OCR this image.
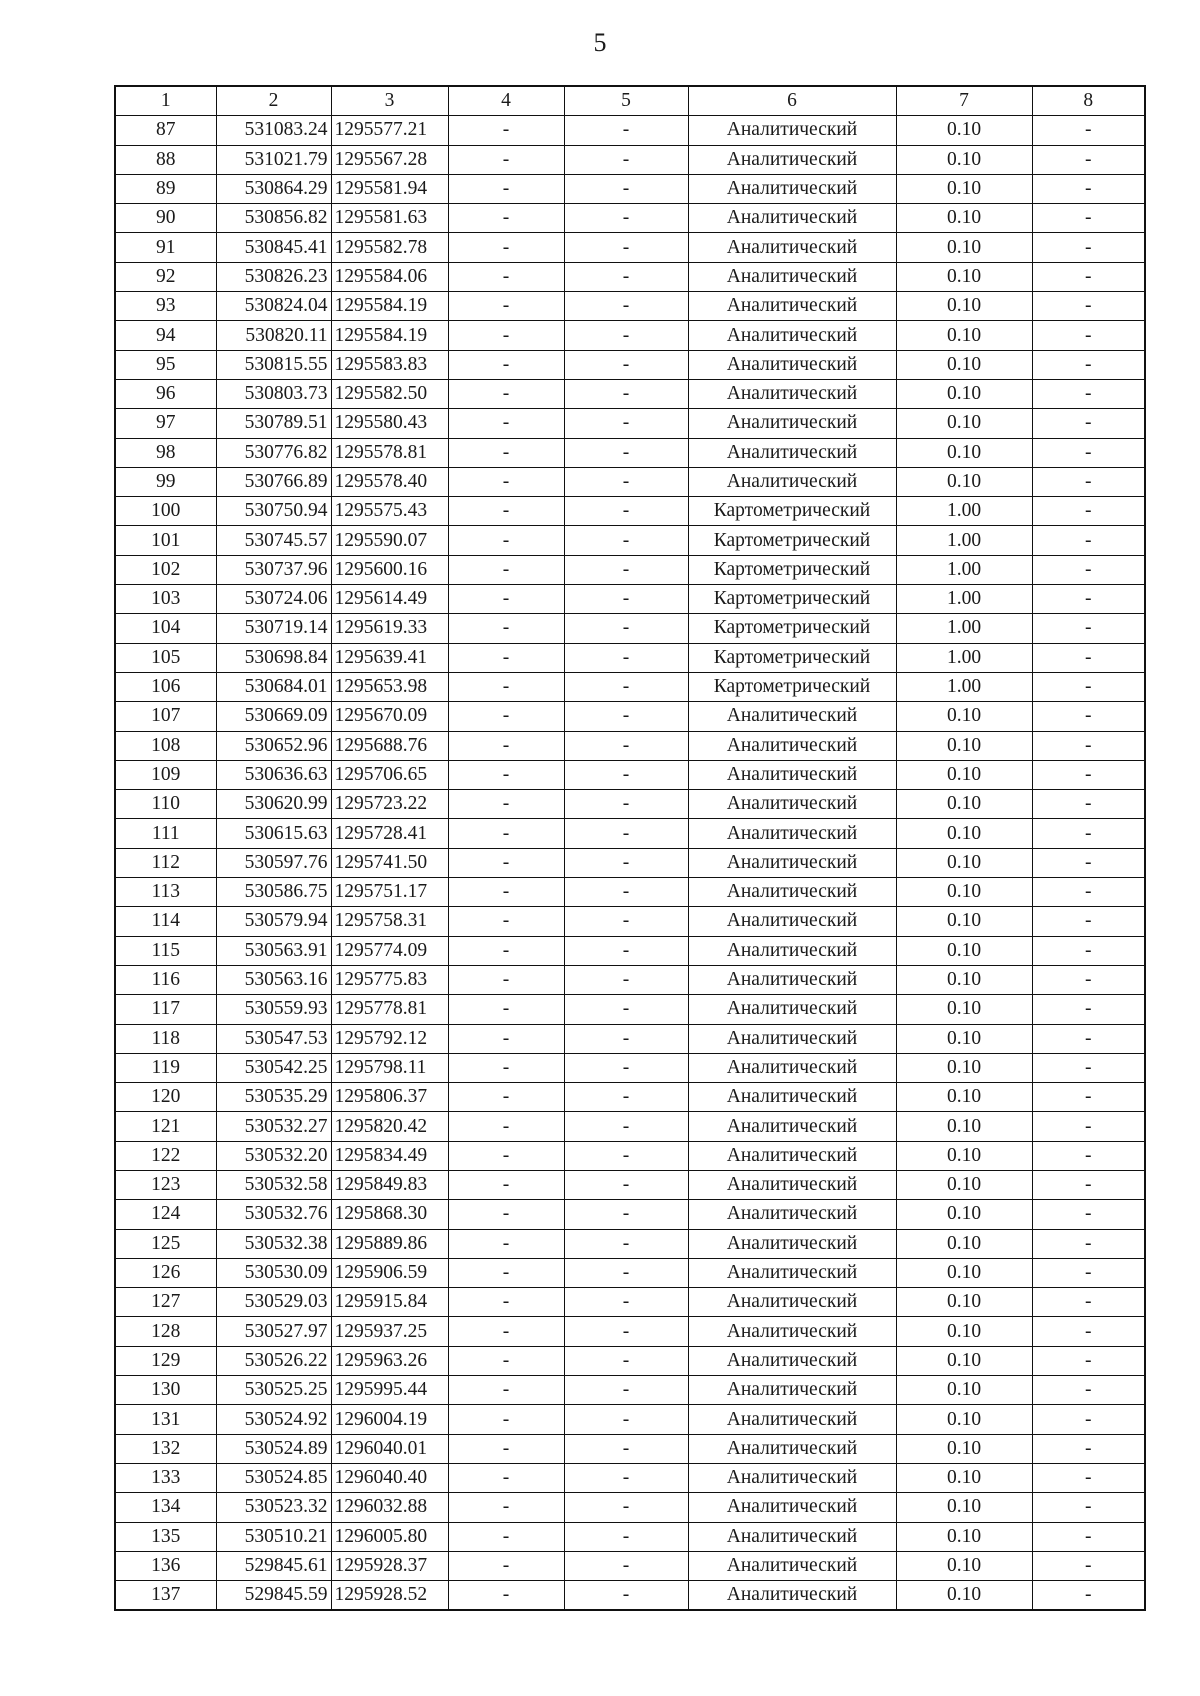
5
1	2	3	4	5	6	7	8
87	531083.24	1295577.21	-	-	Аналитический	0.10	-
88	531021.79	1295567.28	-	-	Аналитический	0.10	-
89	530864.29	1295581.94	-	-	Аналитический	0.10	-
90	530856.82	1295581.63	-	-	Аналитический	0.10	-
91	530845.41	1295582.78	-	-	Аналитический	0.10	-
92	530826.23	1295584.06	-	-	Аналитический	0.10	-
93	530824.04	1295584.19	-	-	Аналитический	0.10	-
94	530820.11	1295584.19	-	-	Аналитический	0.10	-
95	530815.55	1295583.83	-	-	Аналитический	0.10	-
96	530803.73	1295582.50	-	-	Аналитический	0.10	-
97	530789.51	1295580.43	-	-	Аналитический	0.10	-
98	530776.82	1295578.81	-	-	Аналитический	0.10	-
99	530766.89	1295578.40	-	-	Аналитический	0.10	-
100	530750.94	1295575.43	-	-	Картометрический	1.00	-
101	530745.57	1295590.07	-	-	Картометрический	1.00	-
102	530737.96	1295600.16	-	-	Картометрический	1.00	-
103	530724.06	1295614.49	-	-	Картометрический	1.00	-
104	530719.14	1295619.33	-	-	Картометрический	1.00	-
105	530698.84	1295639.41	-	-	Картометрический	1.00	-
106	530684.01	1295653.98	-	-	Картометрический	1.00	-
107	530669.09	1295670.09	-	-	Аналитический	0.10	-
108	530652.96	1295688.76	-	-	Аналитический	0.10	-
109	530636.63	1295706.65	-	-	Аналитический	0.10	-
110	530620.99	1295723.22	-	-	Аналитический	0.10	-
111	530615.63	1295728.41	-	-	Аналитический	0.10	-
112	530597.76	1295741.50	-	-	Аналитический	0.10	-
113	530586.75	1295751.17	-	-	Аналитический	0.10	-
114	530579.94	1295758.31	-	-	Аналитический	0.10	-
115	530563.91	1295774.09	-	-	Аналитический	0.10	-
116	530563.16	1295775.83	-	-	Аналитический	0.10	-
117	530559.93	1295778.81	-	-	Аналитический	0.10	-
118	530547.53	1295792.12	-	-	Аналитический	0.10	-
119	530542.25	1295798.11	-	-	Аналитический	0.10	-
120	530535.29	1295806.37	-	-	Аналитический	0.10	-
121	530532.27	1295820.42	-	-	Аналитический	0.10	-
122	530532.20	1295834.49	-	-	Аналитический	0.10	-
123	530532.58	1295849.83	-	-	Аналитический	0.10	-
124	530532.76	1295868.30	-	-	Аналитический	0.10	-
125	530532.38	1295889.86	-	-	Аналитический	0.10	-
126	530530.09	1295906.59	-	-	Аналитический	0.10	-
127	530529.03	1295915.84	-	-	Аналитический	0.10	-
128	530527.97	1295937.25	-	-	Аналитический	0.10	-
129	530526.22	1295963.26	-	-	Аналитический	0.10	-
130	530525.25	1295995.44	-	-	Аналитический	0.10	-
131	530524.92	1296004.19	-	-	Аналитический	0.10	-
132	530524.89	1296040.01	-	-	Аналитический	0.10	-
133	530524.85	1296040.40	-	-	Аналитический	0.10	-
134	530523.32	1296032.88	-	-	Аналитический	0.10	-
135	530510.21	1296005.80	-	-	Аналитический	0.10	-
136	529845.61	1295928.37	-	-	Аналитический	0.10	-
137	529845.59	1295928.52	-	-	Аналитический	0.10	-
